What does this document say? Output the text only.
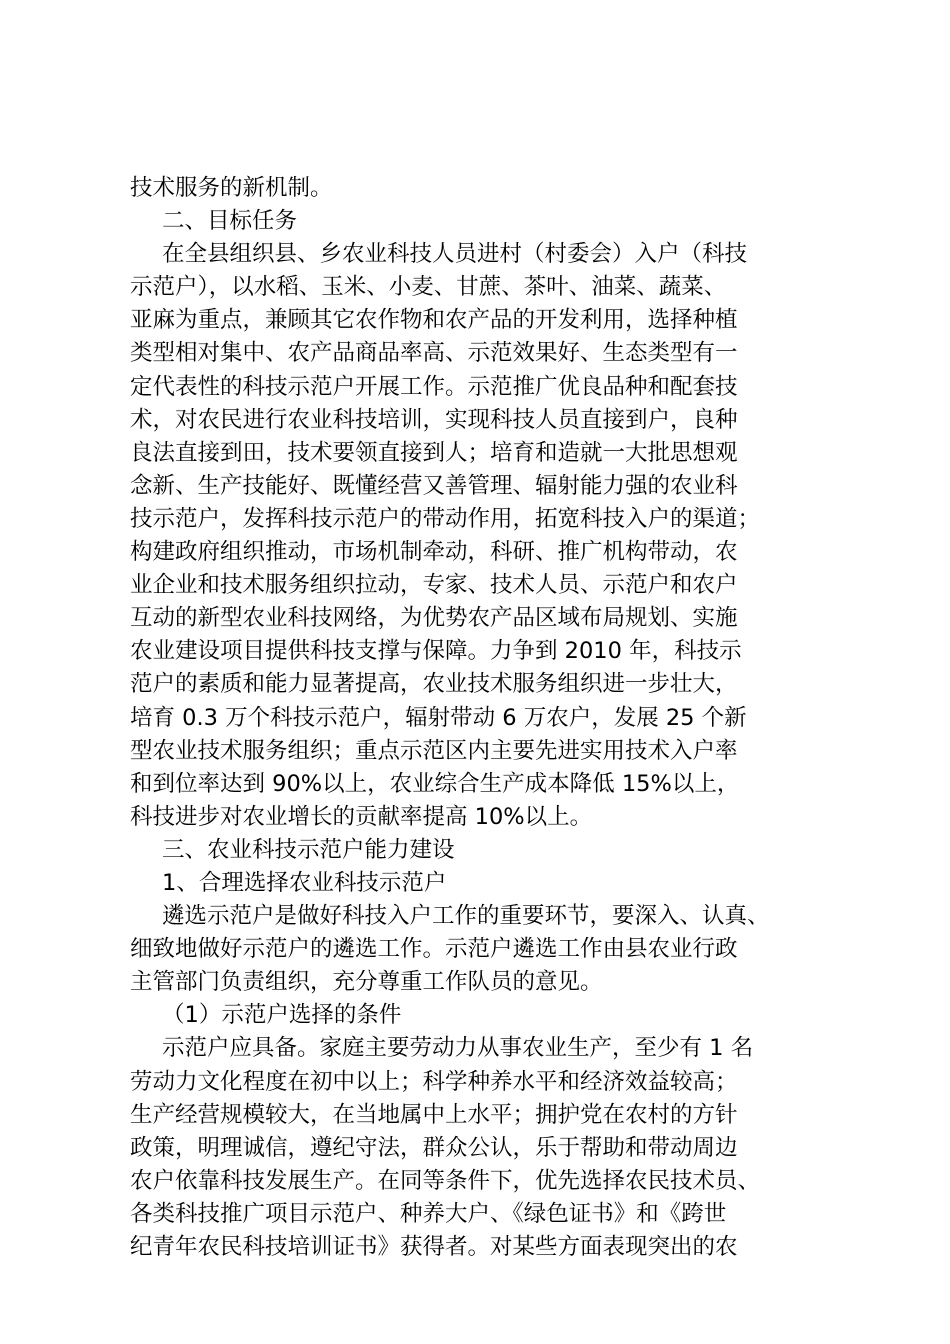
技术服务的新机制。
二、目标任务
在全县组织县、乡农业科技人员进村（村委会）入户（科技
示范户），以水稻、玉米、小麦、甘蔗、茶叶、油菜、蔬菜、
亚麻为重点，兼顾其它农作物和农产品的开发利用，选择种植
类型相对集中、农产品商品率高、示范效果好、生态类型有一
定代表性的科技示范户开展工作。示范推广优良品种和配套技
术，对农民进行农业科技培训，实现科技人员直接到户，良种
良法直接到田，技术要领直接到人；培育和造就一大批思想观
念新、生产技能好、既懂经营又善管理、辐射能力强的农业科
技示范户，发挥科技示范户的带动作用，拓宽科技入户的渠道；
构建政府组织推动，市场机制牵动，科研、推广机构带动，农
业企业和技术服务组织拉动，专家、技术人员、示范户和农户
互动的新型农业科技网络，为优势农产品区域布局规划、实施
农业建设项目提供科技支撑与保障。力争到 2010 年，科技示
范户的素质和能力显著提高，农业技术服务组织进一步壮大，
培育 0.3 万个科技示范户，辐射带动 6 万农户，发展 25 个新
型农业技术服务组织；重点示范区内主要先进实用技术入户率
和到位率达到 90%以上，农业综合生产成本降低 15%以上，
科技进步对农业增长的贡献率提高 10%以上。
三、农业科技示范户能力建设
1、合理选择农业科技示范户
遴选示范户是做好科技入户工作的重要环节，要深入、认真、
细致地做好示范户的遴选工作。示范户遴选工作由县农业行政
主管部门负责组织，充分尊重工作队员的意见。
（1）示范户选择的条件
示范户应具备。家庭主要劳动力从事农业生产，至少有 1 名
劳动力文化程度在初中以上；科学种养水平和经济效益较高；
生产经营规模较大，在当地属中上水平；拥护党在农村的方针
政策，明理诚信，遵纪守法，群众公认，乐于帮助和带动周边
农户依靠科技发展生产。在同等条件下，优先选择农民技术员、
各类科技推广项目示范户、种养大户、《绿色证书》和《跨世
纪青年农民科技培训证书》获得者。对某些方面表现突出的农
